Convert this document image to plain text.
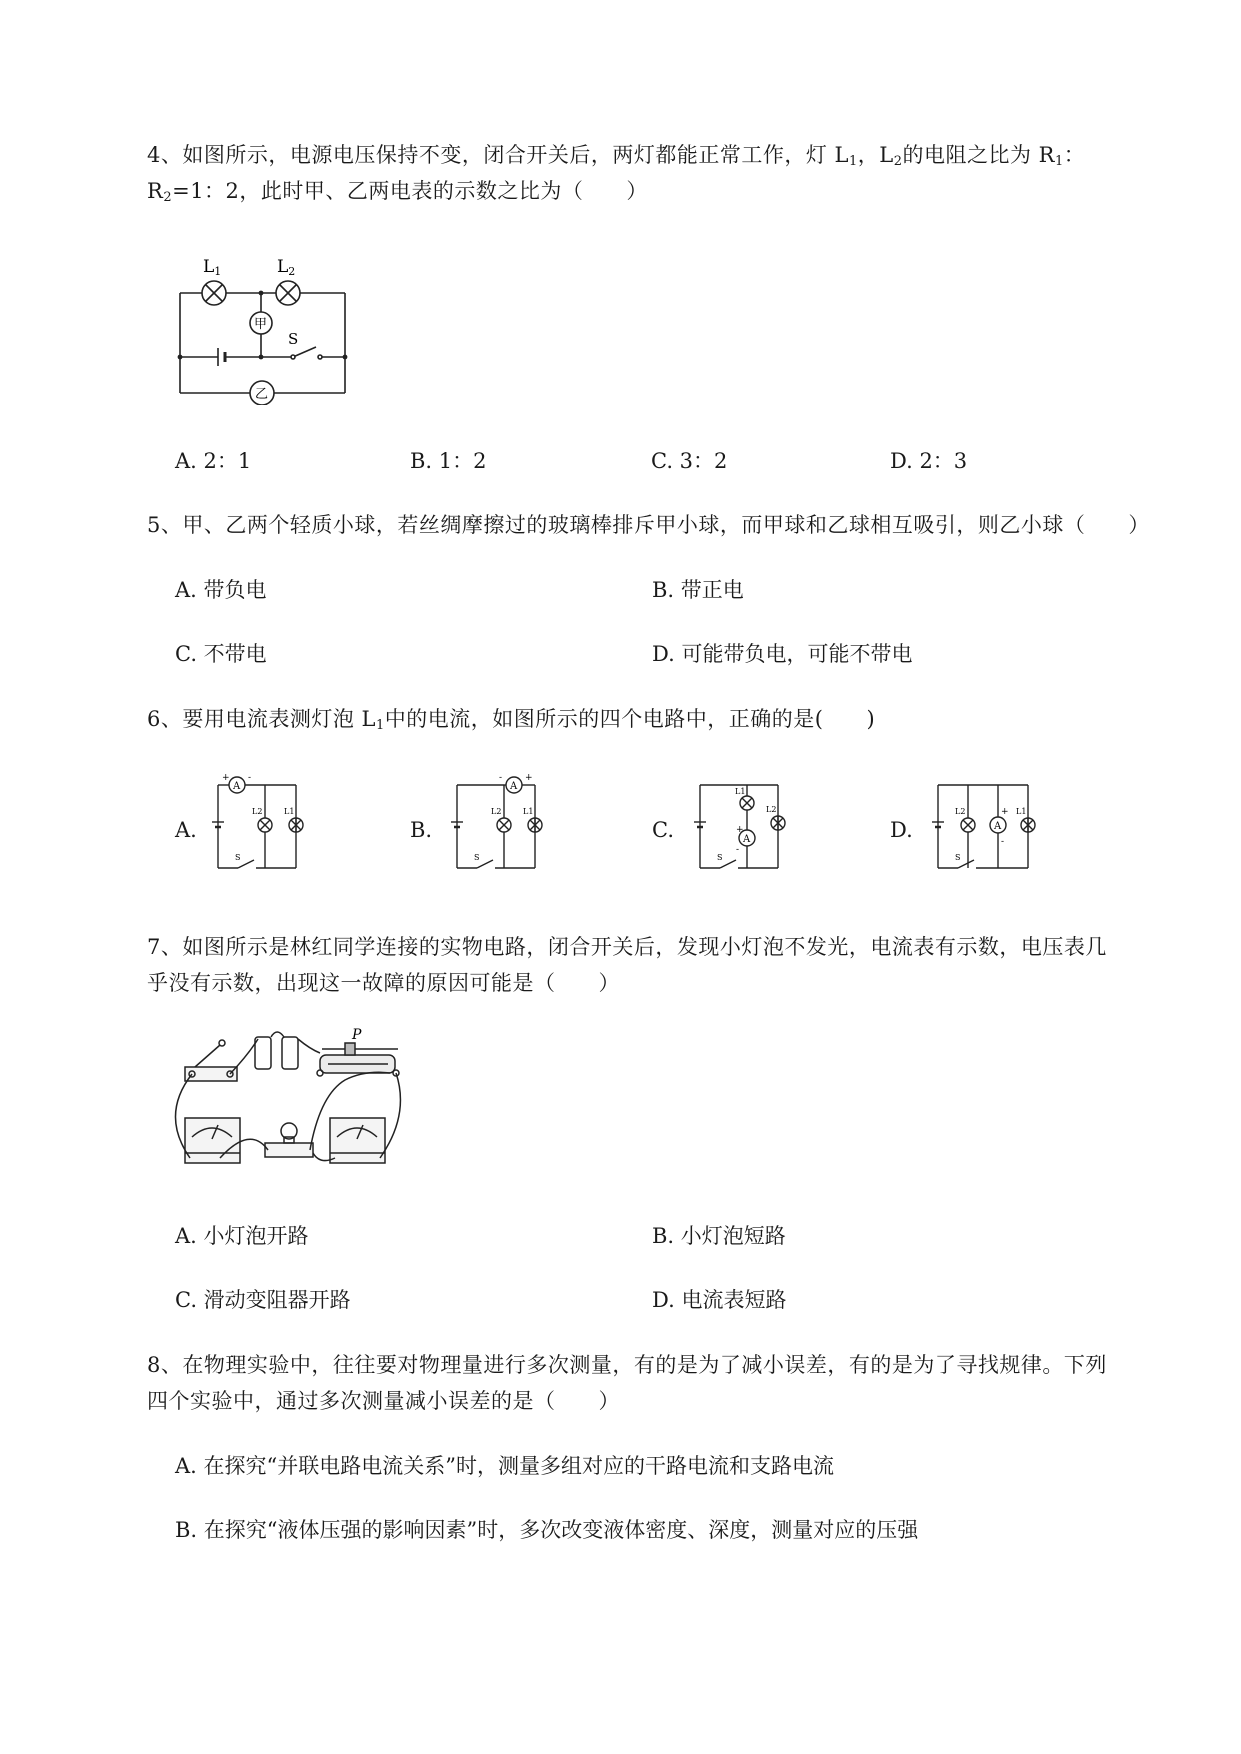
4、如图所示，电源电压保持不变，闭合开关后，两灯都能正常工作，灯 $L_1$，$L_2$的电阻之比为 $R_1$：
$R_2=1$：2，此时甲、乙两电表的示数之比为（　　）
L1	L2
甲
乙
S
A. 2：1	B. 1：2	C. 3：2	D. 2：3
5、甲、乙两个轻质小球，若丝绸摩擦过的玻璃棒排斥甲小球，而甲球和乙球相互吸引，则乙小球（　　）
A. 带负电	B. 带正电
C. 不带电	D. 可能带负电，可能不带电
6、要用电流表测灯泡 $L_1$中的电流，如图所示的四个电路中，正确的是(　　)
A.	B.	C.	D.
A
+ -
L2	L1
S
A
-	+
L2	L1
S
A
+
-
L1
L2
S
A
+
-
L2	L1
S
7、如图所示是林红同学连接的实物电路，闭合开关后，发现小灯泡不发光，电流表有示数，电压表几
乎没有示数，出现这一故障的原因可能是（　　）
P
A. 小灯泡开路	B. 小灯泡短路
C. 滑动变阻器开路	D. 电流表短路
8、在物理实验中，往往要对物理量进行多次测量，有的是为了减小误差，有的是为了寻找规律。下列
四个实验中，通过多次测量减小误差的是（　　）
A. 在探究“并联电路电流关系”时，测量多组对应的干路电流和支路电流
B. 在探究“液体压强的影响因素”时，多次改变液体密度、深度，测量对应的压强
